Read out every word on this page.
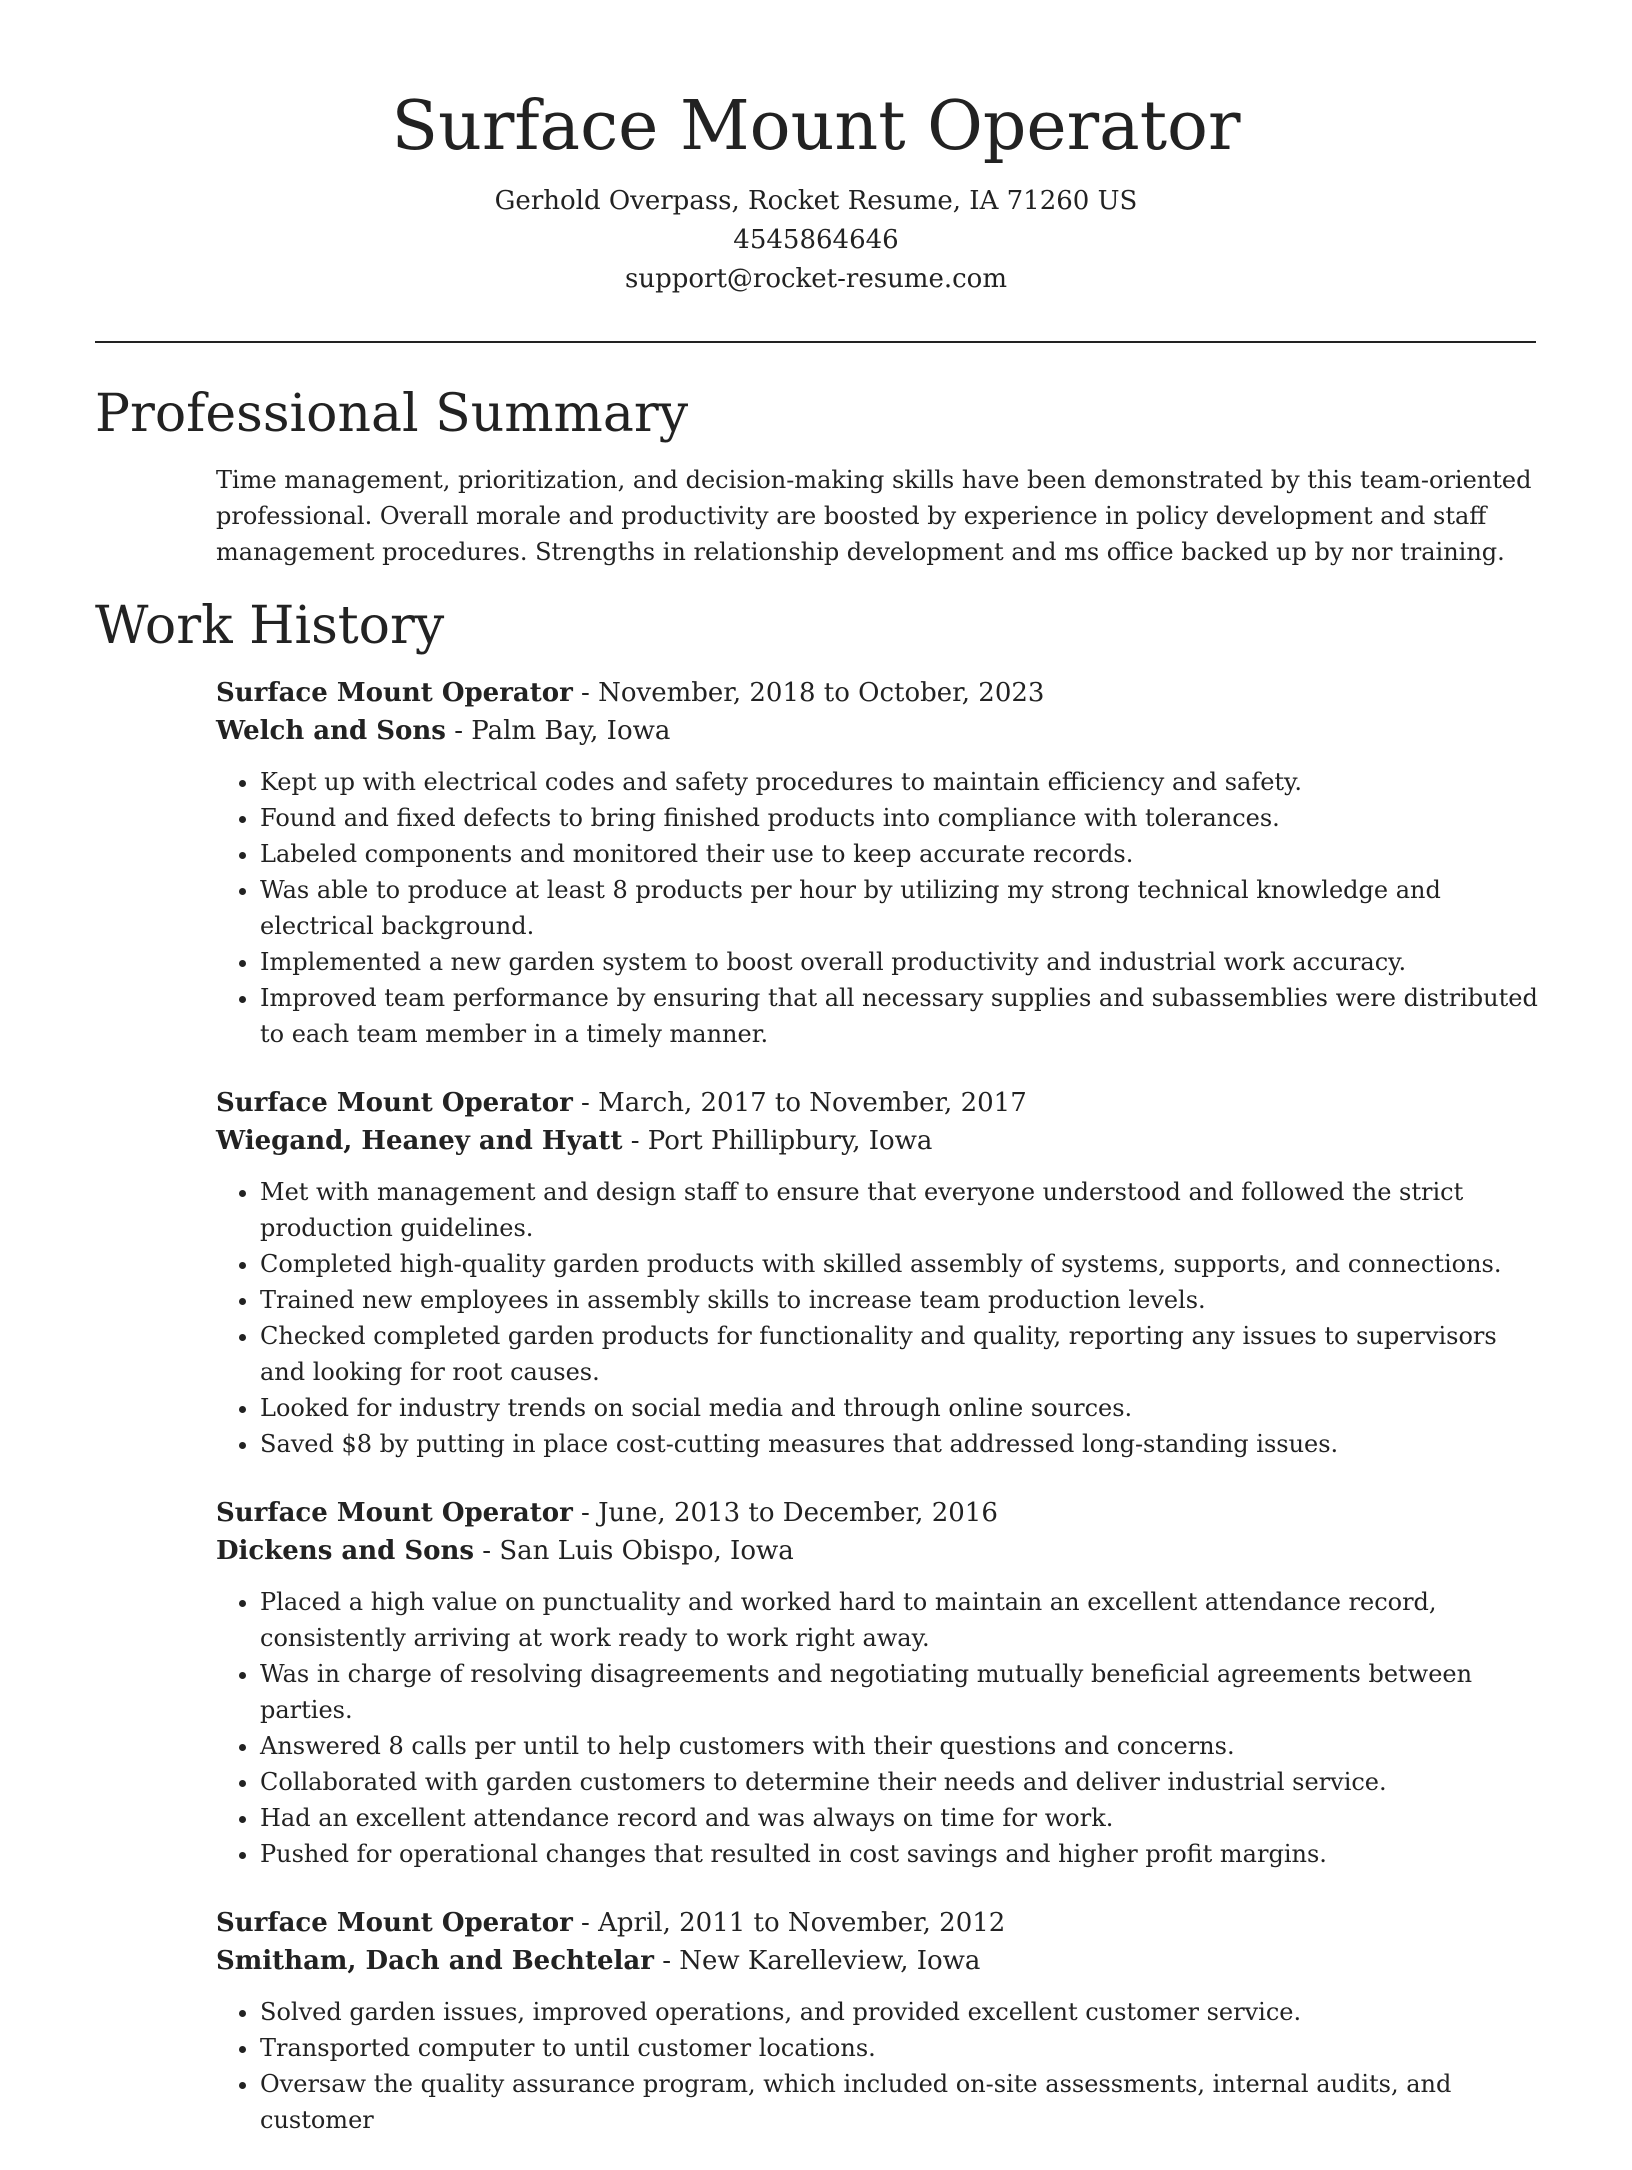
Surface Mount Operator
Gerhold Overpass, Rocket Resume, IA 71260 US
4545864646
support@rocket-resume.com
Professional Summary

Time management, prioritization, and decision-making skills have been demonstrated by this team-oriented professional. Overall morale and productivity are boosted by experience in policy development and staff management procedures. Strengths in relationship development and ms office backed up by nor training.

Work History
Surface Mount Operator - November, 2018 to October, 2023
Welch and Sons - Palm Bay, Iowa
• Kept up with electrical codes and safety procedures to maintain efficiency and safety.
• Found and fixed defects to bring finished products into compliance with tolerances.
• Labeled components and monitored their use to keep accurate records.
• Was able to produce at least 8 products per hour by utilizing my strong technical knowledge and electrical background.
• Implemented a new garden system to boost overall productivity and industrial work accuracy.
• Improved team performance by ensuring that all necessary supplies and subassemblies were distributed to each team member in a timely manner.
Surface Mount Operator - March, 2017 to November, 2017
Wiegand, Heaney and Hyatt - Port Phillipbury, Iowa
• Met with management and design staff to ensure that everyone understood and followed the strict production guidelines.
• Completed high-quality garden products with skilled assembly of systems, supports, and connections.
• Trained new employees in assembly skills to increase team production levels.
• Checked completed garden products for functionality and quality, reporting any issues to supervisors and looking for root causes.
• Looked for industry trends on social media and through online sources.
• Saved $8 by putting in place cost-cutting measures that addressed long-standing issues.
Surface Mount Operator - June, 2013 to December, 2016
Dickens and Sons - San Luis Obispo, Iowa
• Placed a high value on punctuality and worked hard to maintain an excellent attendance record, consistently arriving at work ready to work right away.
• Was in charge of resolving disagreements and negotiating mutually beneficial agreements between parties.
• Answered 8 calls per until to help customers with their questions and concerns.
• Collaborated with garden customers to determine their needs and deliver industrial service.
• Had an excellent attendance record and was always on time for work.
• Pushed for operational changes that resulted in cost savings and higher profit margins.
Surface Mount Operator - April, 2011 to November, 2012
Smitham, Dach and Bechtelar - New Karelleview, Iowa
• Solved garden issues, improved operations, and provided excellent customer service.
• Transported computer to until customer locations.
• Oversaw the quality assurance program, which included on-site assessments, internal audits, and customer
